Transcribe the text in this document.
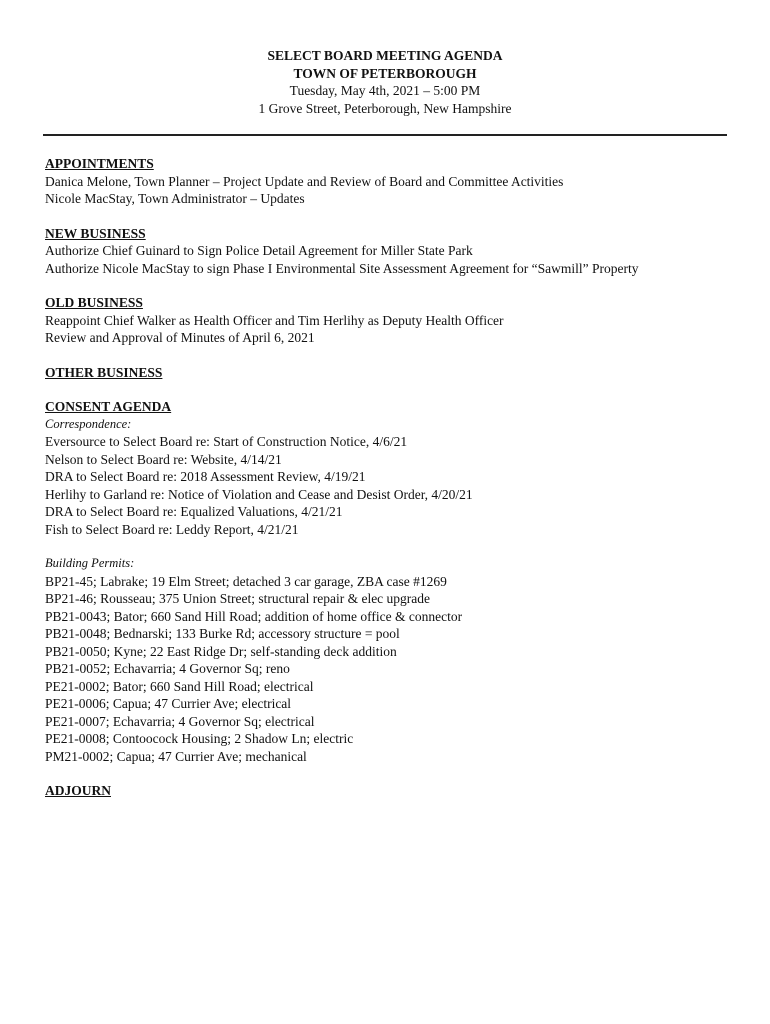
SELECT BOARD MEETING AGENDA
TOWN OF PETERBOROUGH
Tuesday, May 4th, 2021 – 5:00 PM
1 Grove Street, Peterborough, New Hampshire
APPOINTMENTS
Danica Melone, Town Planner – Project Update and Review of Board and Committee Activities
Nicole MacStay, Town Administrator – Updates
NEW BUSINESS
Authorize Chief Guinard to Sign Police Detail Agreement for Miller State Park
Authorize Nicole MacStay to sign Phase I Environmental Site Assessment Agreement for “Sawmill” Property
OLD BUSINESS
Reappoint Chief Walker as Health Officer and Tim Herlihy as Deputy Health Officer
Review and Approval of Minutes of April 6, 2021
OTHER BUSINESS
CONSENT AGENDA
Correspondence:
Eversource to Select Board re: Start of Construction Notice, 4/6/21
Nelson to Select Board re: Website, 4/14/21
DRA to Select Board re: 2018 Assessment Review, 4/19/21
Herlihy to Garland re: Notice of Violation and Cease and Desist Order, 4/20/21
DRA to Select Board re: Equalized Valuations, 4/21/21
Fish to Select Board re: Leddy Report, 4/21/21
Building Permits:
BP21-45; Labrake; 19 Elm Street; detached 3 car garage, ZBA case #1269
BP21-46; Rousseau; 375 Union Street; structural repair & elec upgrade
PB21-0043; Bator; 660 Sand Hill Road; addition of home office & connector
PB21-0048; Bednarski; 133 Burke Rd; accessory structure = pool
PB21-0050; Kyne; 22 East Ridge Dr; self-standing deck addition
PB21-0052; Echavarria; 4 Governor Sq; reno
PE21-0002; Bator; 660 Sand Hill Road; electrical
PE21-0006; Capua; 47 Currier Ave; electrical
PE21-0007; Echavarria; 4 Governor Sq; electrical
PE21-0008; Contoocock Housing; 2 Shadow Ln; electric
PM21-0002; Capua; 47 Currier Ave; mechanical
ADJOURN
